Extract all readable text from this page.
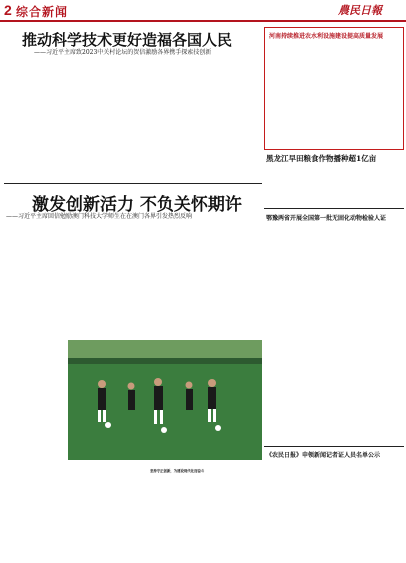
2 综合新闻	農民日報
推动科学技术更好造福各国人民
——习近平主席致2023中关村论坛的贺信激励各界携手探索技创新
河南持续推进农水利设施建设提高质量发展
黑龙江早田粮食作物播种超1亿亩
激发创新活力 不负关怀期许
——习近平主席回信勉励澳门科技大学师生在在澳门各界引发热烈反响
坚持守正创新，为建设现代化而奋斗
鄂豫两省开展全国第一批无固化动物检验人证
《农民日报》申领新闻记者证人员名单公示
